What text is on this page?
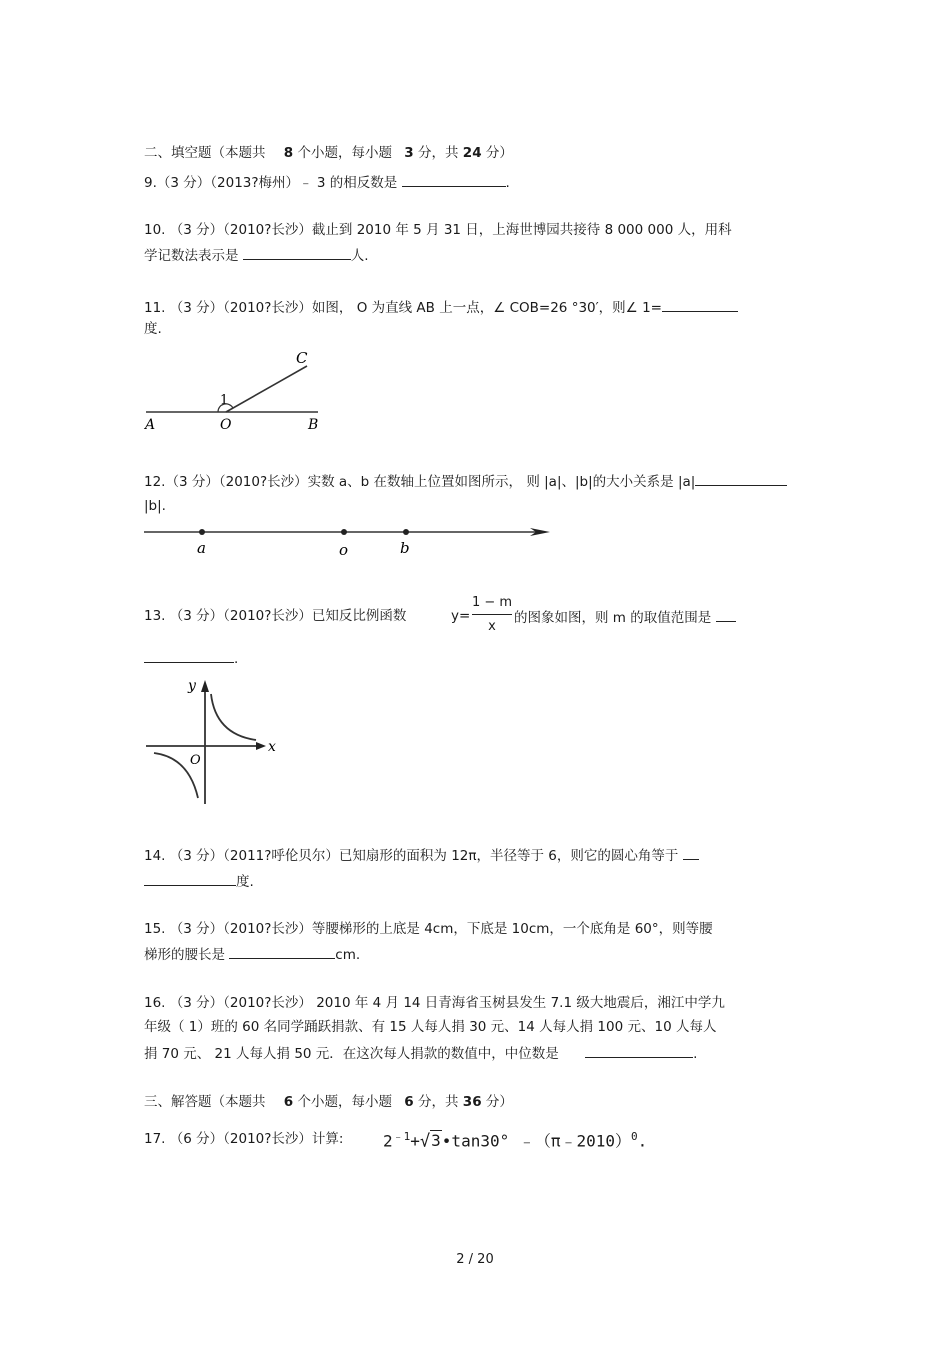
二、填空题（本题共 8 个小题，每小题 3 分，共 24 分）
9.（3 分）（2013?梅州）﹣ 3 的相反数是	.
10. （3 分）（2010?长沙）截止到 2010 年 5 月 31 日，上海世博园共接待 8 000 000 人，用科
学记数法表示是	人.
11. （3 分）（2010?长沙）如图， O 为直线 AB 上一点，∠ COB=26 °30′，则∠ 1=
度.
C
1
A	O	B
12.（3 分）（2010?长沙）实数 a、b 在数轴上位置如图所示， 则 |a|、|b|的大小关系是 |a|
|b|.
a	o	b
13. （3 分）（2010?长沙）已知反比例函数	y=
1 − m
x
的图象如图，则 m 的取值范围是
.
y
x
O
14. （3 分）（2011?呼伦贝尔）已知扇形的面积为 12π，半径等于 6，则它的圆心角等于
度.
15. （3 分）（2010?长沙）等腰梯形的上底是 4cm，下底是 10cm，一个底角是 60°，则等腰
梯形的腰长是	cm.
16. （3 分）（2010?长沙） 2010 年 4 月 14 日青海省玉树县发生 7.1 级大地震后，湘江中学九
年级（ 1）班的 60 名同学踊跃捐款、有 15 人每人捐 30 元、14 人每人捐 100 元、10 人每人
捐 70 元、 21 人每人捐 50 元．在这次每人捐款的数值中，中位数是	.
三、解答题（本题共 6 个小题，每小题 6 分，共 36 分）
17. （6 分）（2010?长沙）计算: $2^{﹣1}+√3•\tan 30^\circ$ ﹣（π﹣2010）$^0$.
2 / 20
